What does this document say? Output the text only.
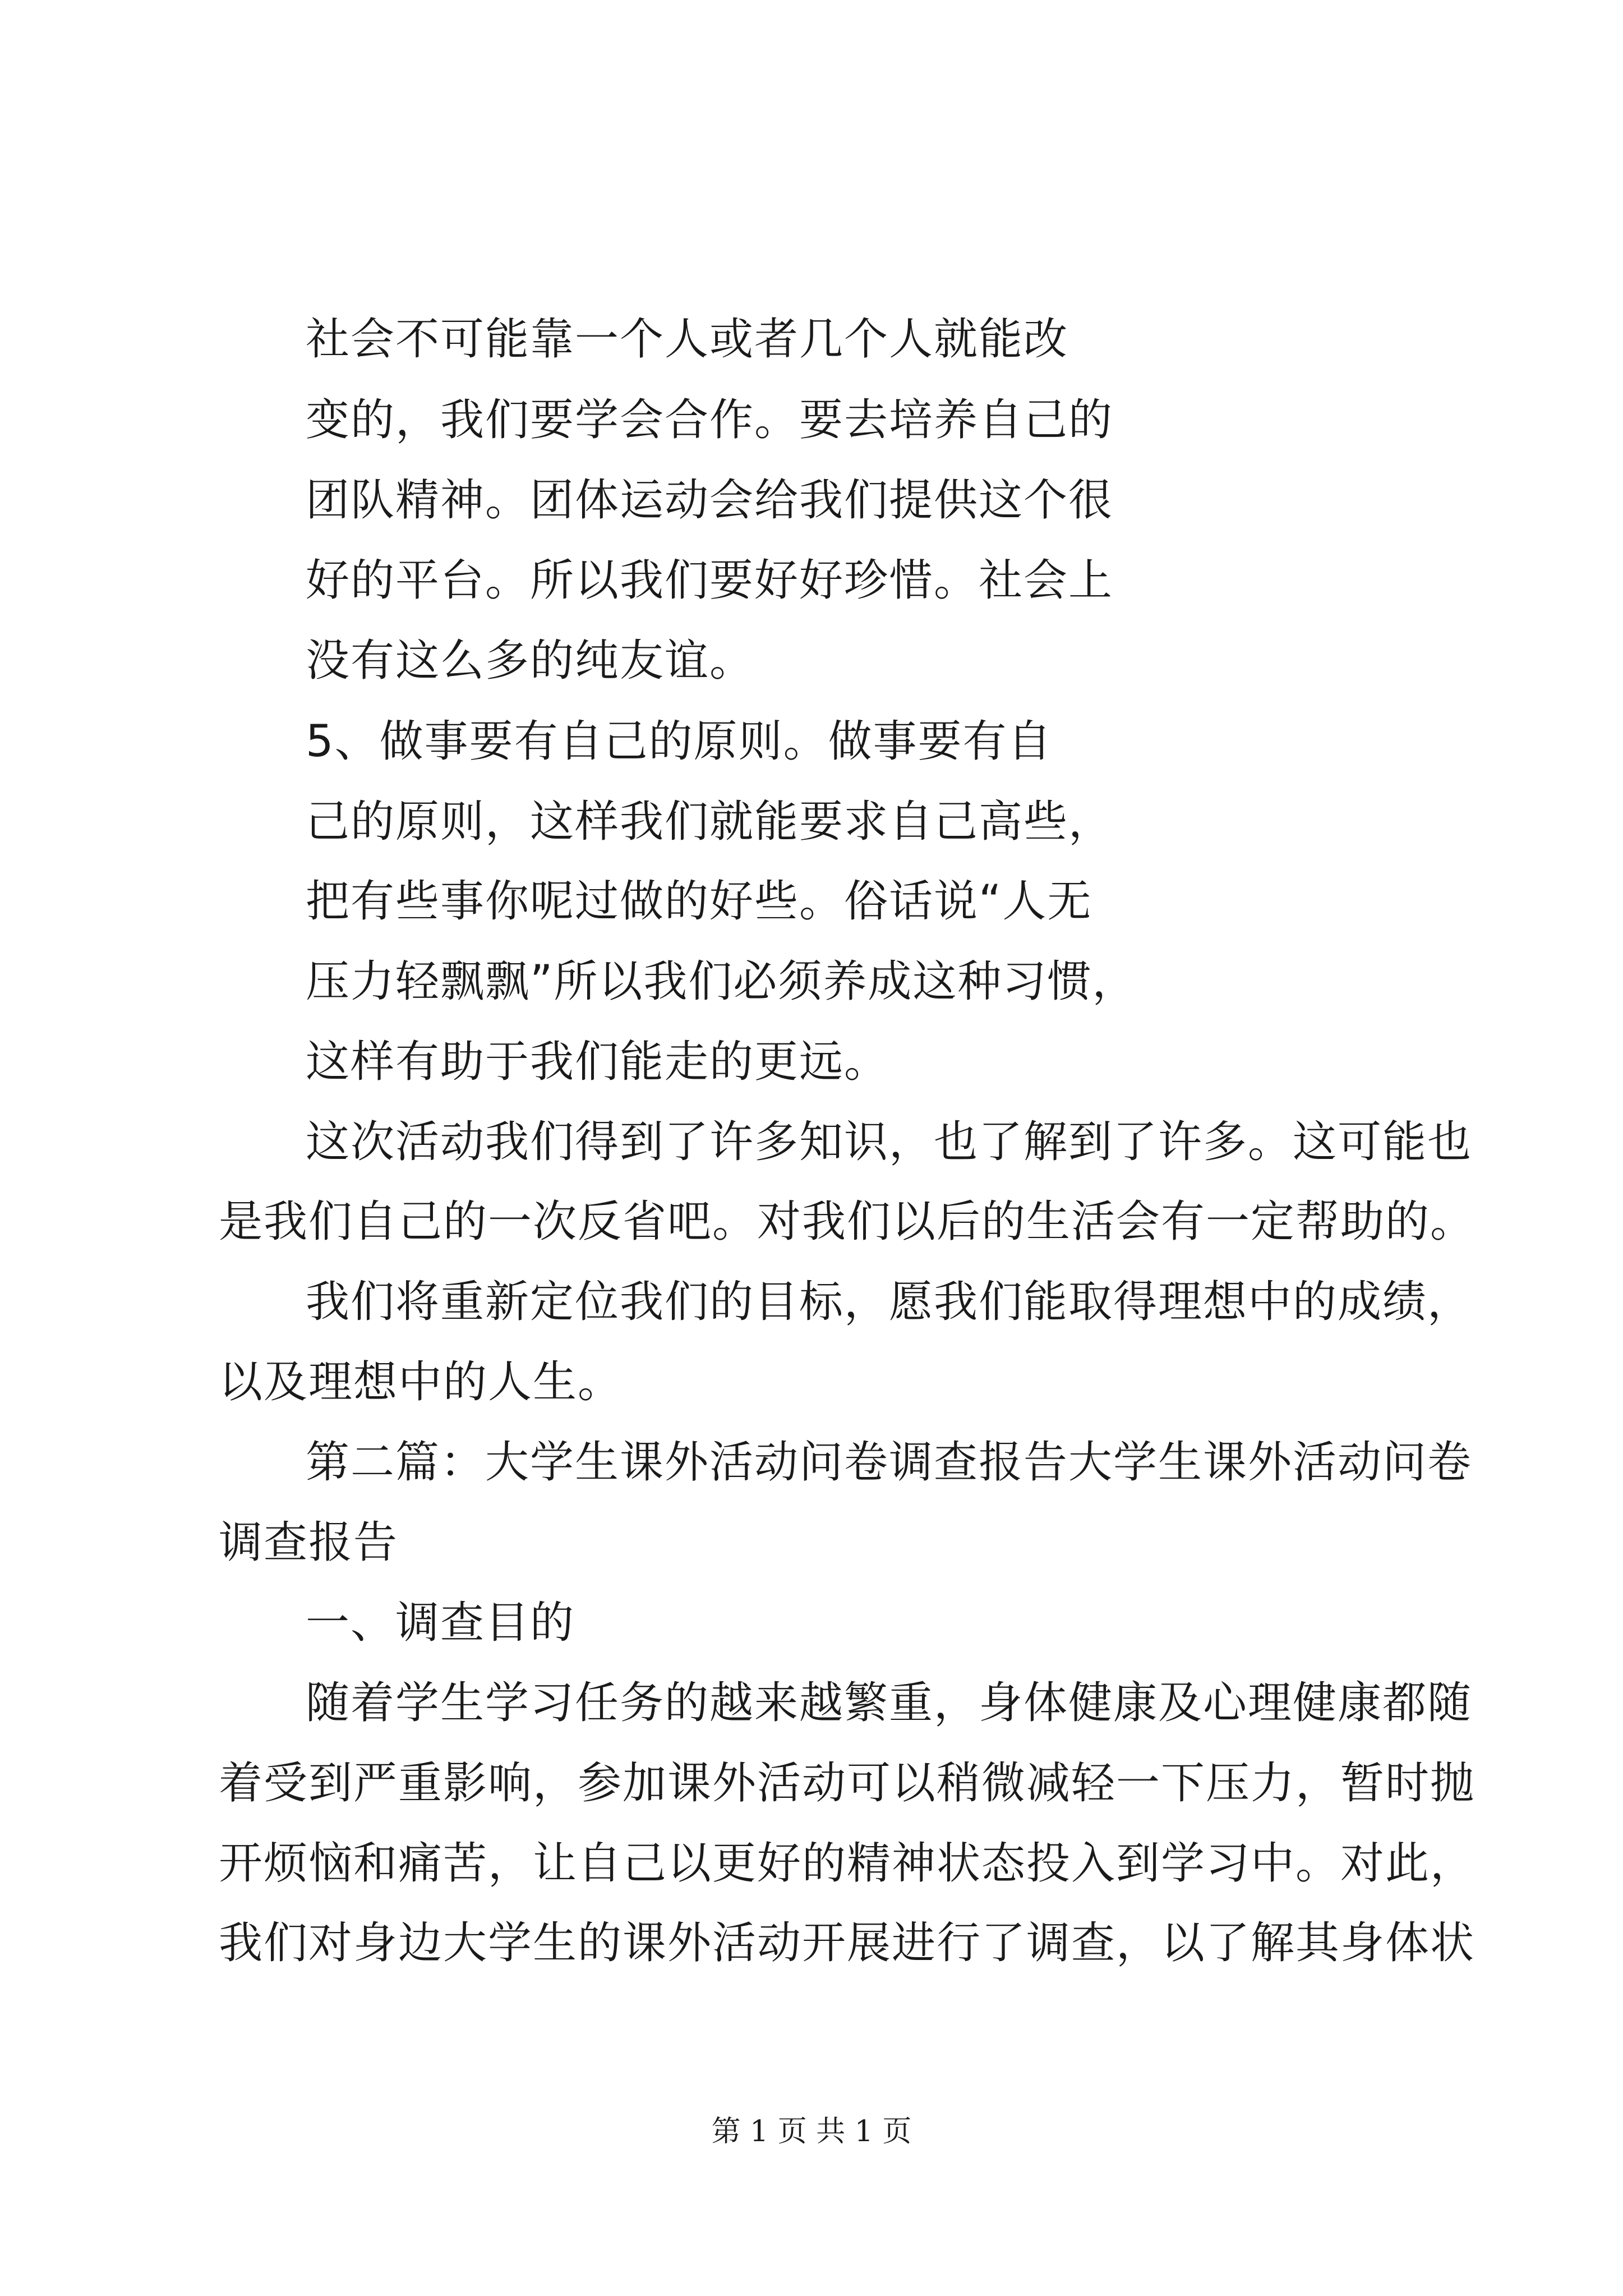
社会不可能靠一个人或者几个人就能改
变的，我们要学会合作。要去培养自己的
团队精神。团体运动会给我们提供这个很
好的平台。所以我们要好好珍惜。社会上
没有这么多的纯友谊。
5、做事要有自己的原则。做事要有自
己的原则，这样我们就能要求自己高些，
把有些事你呢过做的好些。俗话说“人无
压力轻飘飘”所以我们必须养成这种习惯，
这样有助于我们能走的更远。
这次活动我们得到了许多知识，也了解到了许多。这可能也
是我们自己的一次反省吧。对我们以后的生活会有一定帮助的。
我们将重新定位我们的目标，愿我们能取得理想中的成绩，
以及理想中的人生。
第二篇：大学生课外活动问卷调查报告大学生课外活动问卷
调查报告
一、调查目的
随着学生学习任务的越来越繁重，身体健康及心理健康都随
着受到严重影响，参加课外活动可以稍微减轻一下压力，暂时抛
开烦恼和痛苦，让自己以更好的精神状态投入到学习中。对此，
我们对身边大学生的课外活动开展进行了调查，以了解其身体状
第 1 页 共 1 页
